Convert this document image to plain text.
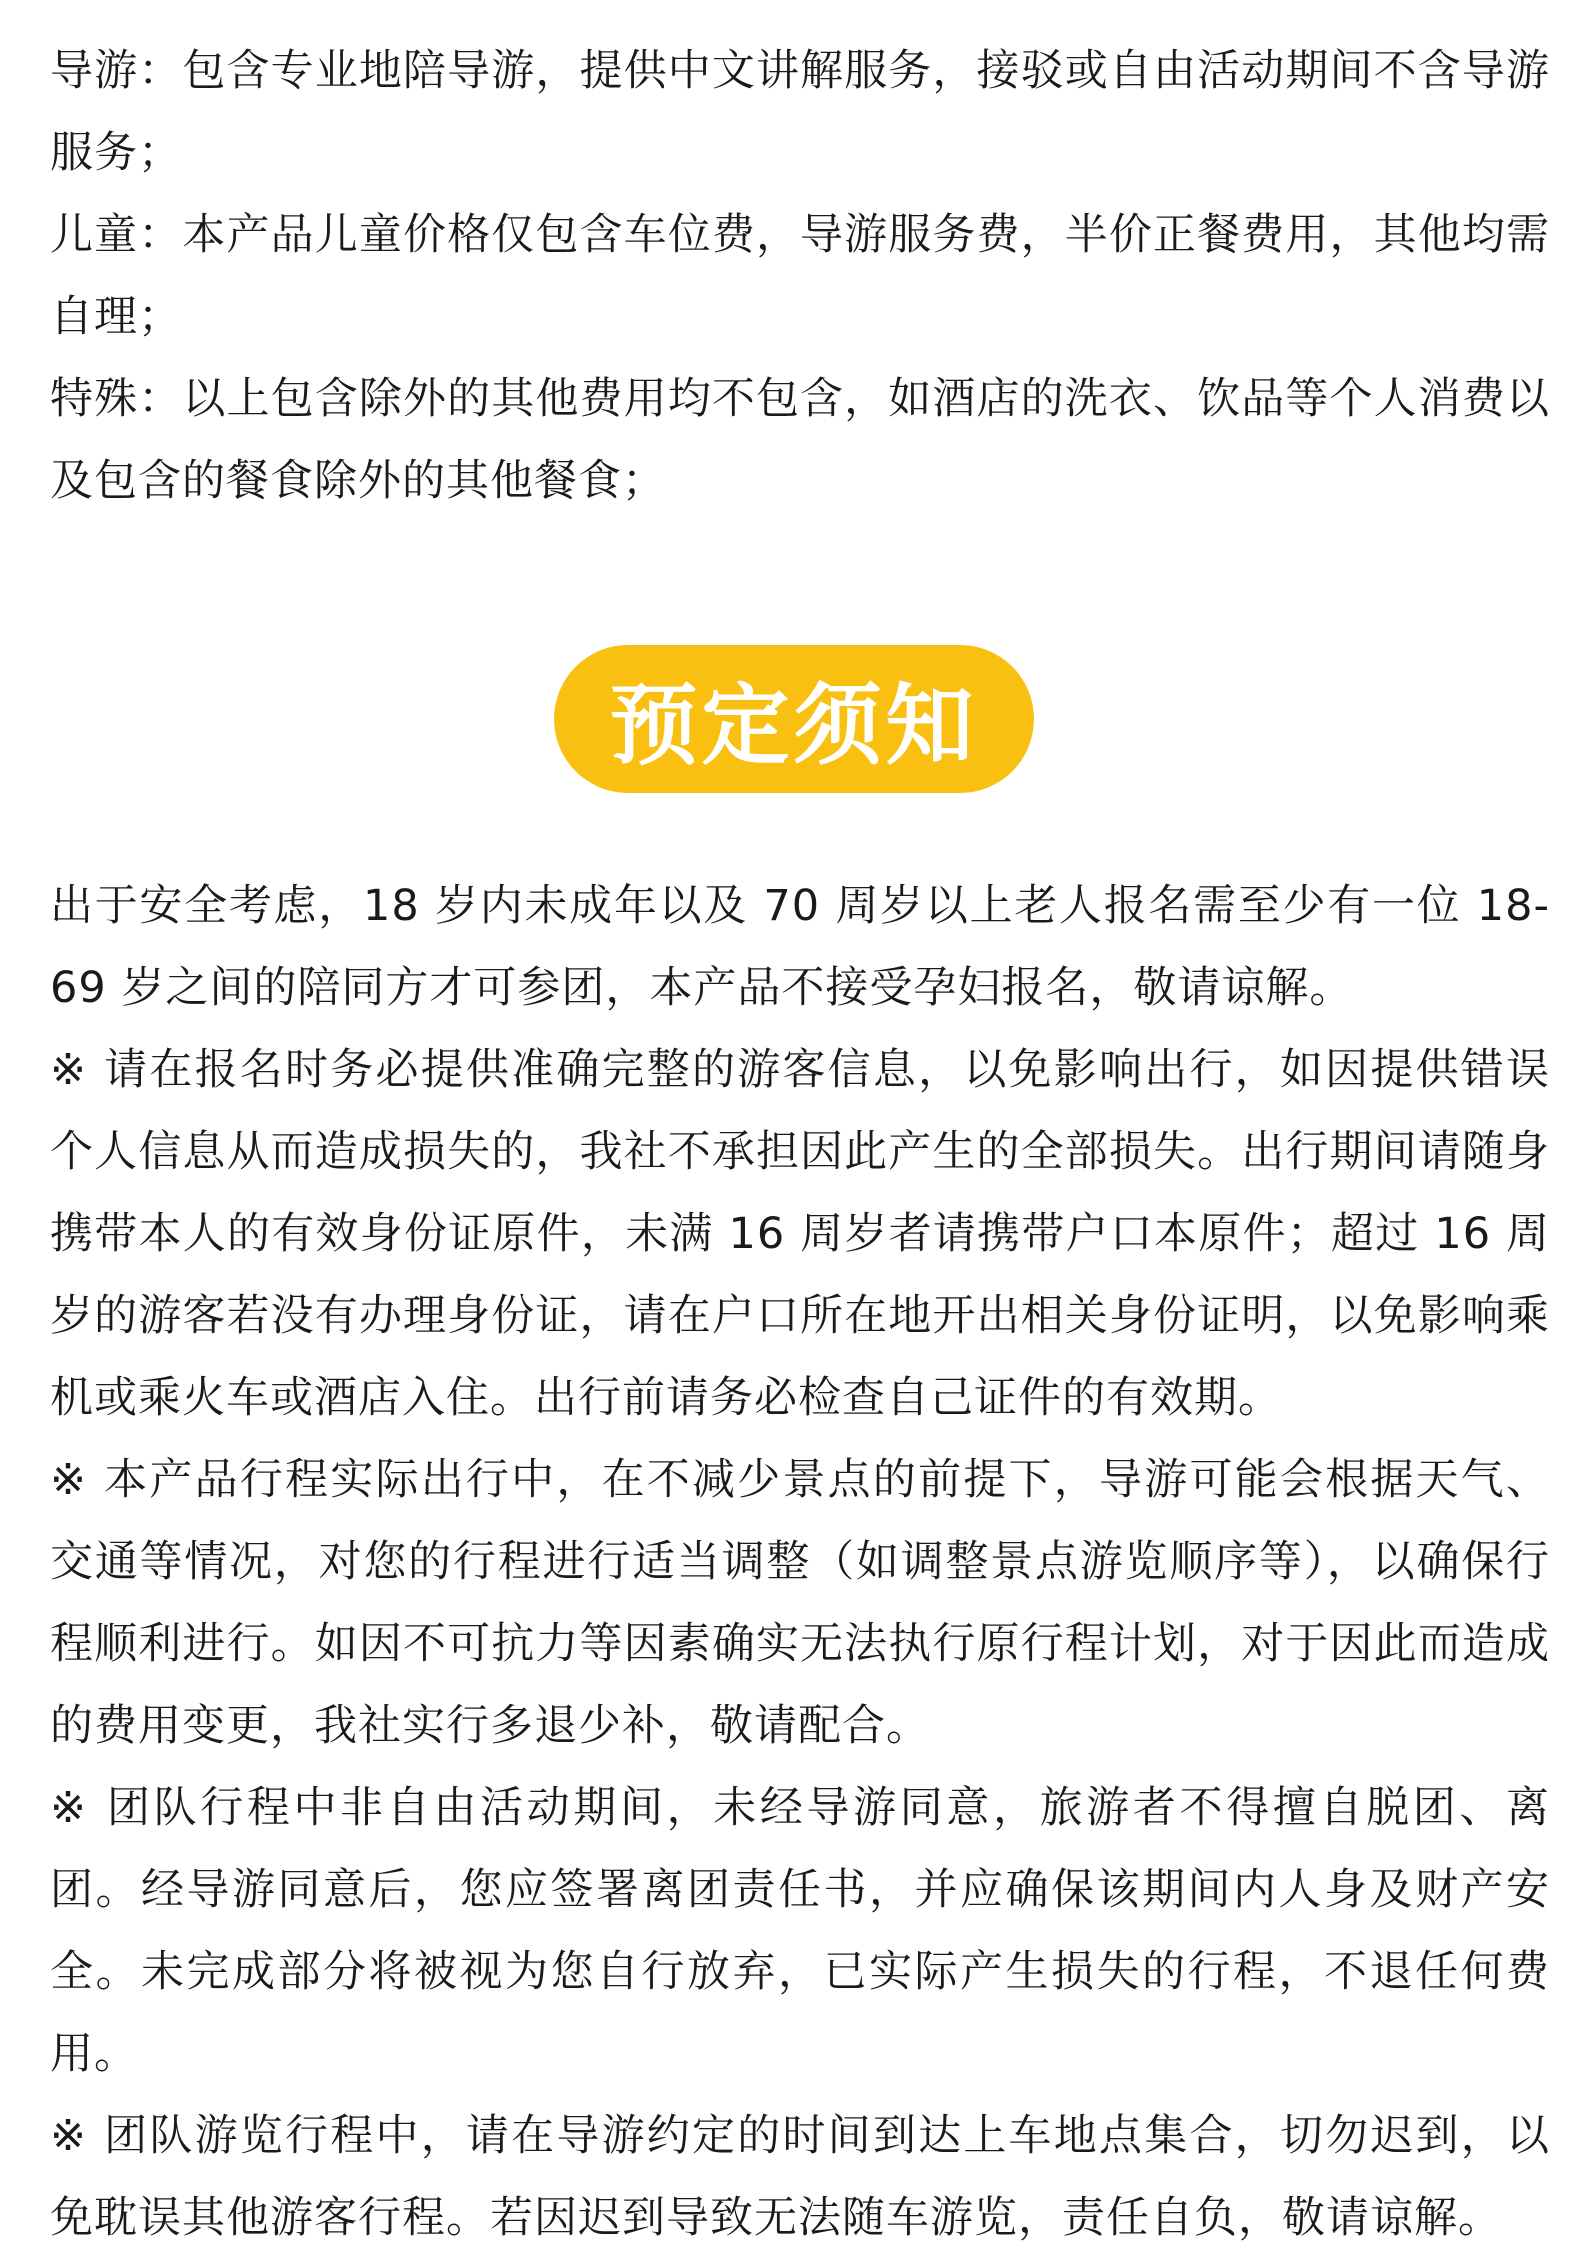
导游：包含专业地陪导游，提供中文讲解服务，接驳或自由活动期间不含导游服务；
儿童：本产品儿童价格仅包含车位费，导游服务费，半价正餐费用，其他均需自理；
特殊：以上包含除外的其他费用均不包含，如酒店的洗衣、饮品等个人消费以及包含的餐食除外的其他餐食；
预定须知
出于安全考虑，18 岁内未成年以及 70 周岁以上老人报名需至少有一位 18-69 岁之间的陪同方才可参团，本产品不接受孕妇报名，敬请谅解。
※ 请在报名时务必提供准确完整的游客信息，以免影响出行，如因提供错误个人信息从而造成损失的，我社不承担因此产生的全部损失。出行期间请随身携带本人的有效身份证原件，未满 16 周岁者请携带户口本原件；超过 16 周岁的游客若没有办理身份证，请在户口所在地开出相关身份证明，以免影响乘机或乘火车或酒店入住。出行前请务必检查自己证件的有效期。
※ 本产品行程实际出行中，在不减少景点的前提下，导游可能会根据天气、交通等情况，对您的行程进行适当调整（如调整景点游览顺序等），以确保行程顺利进行。如因不可抗力等因素确实无法执行原行程计划，对于因此而造成的费用变更，我社实行多退少补，敬请配合。
※ 团队行程中非自由活动期间，未经导游同意，旅游者不得擅自脱团、离团。经导游同意后，您应签署离团责任书，并应确保该期间内人身及财产安全。未完成部分将被视为您自行放弃，已实际产生损失的行程，不退任何费用。
※ 团队游览行程中，请在导游约定的时间到达上车地点集合，切勿迟到，以免耽误其他游客行程。若因迟到导致无法随车游览，责任自负，敬请谅解。
